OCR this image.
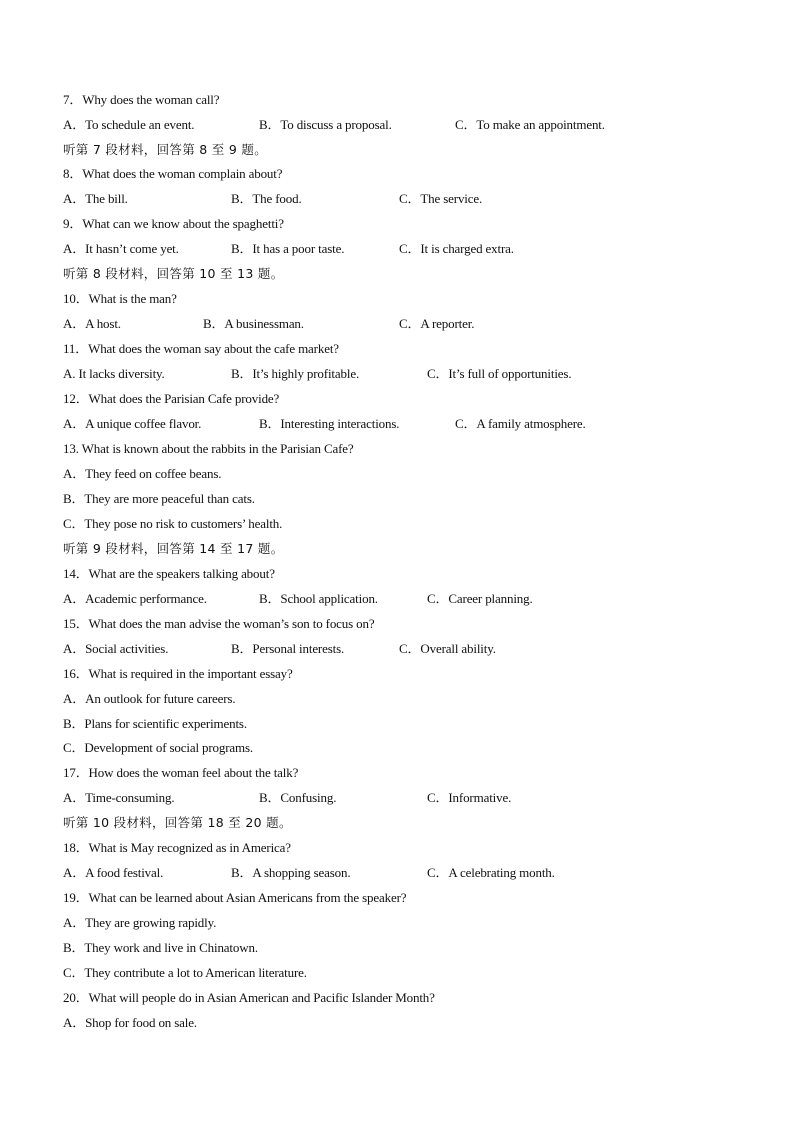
7．Why does the woman call?
A．To schedule an event.	B．To discuss a proposal.	C．To make an appointment.
听第 7 段材料，回答第 8 至 9 题。
8．What does the woman complain about?
A．The bill.	B．The food.	C．The service.
9．What can we know about the spaghetti?
A．It hasn’t come yet.	B．It has a poor taste.	C．It is charged extra.
听第 8 段材料，回答第 10 至 13 题。
10．What is the man?
A．A host.	B．A businessman.	C．A reporter.
11．What does the woman say about the cafe market?
A. It lacks diversity.	B．It’s highly profitable.	C．It’s full of opportunities.
12．What does the Parisian Cafe provide?
A．A unique coffee flavor.	B．Interesting interactions.	C．A family atmosphere.
13. What is known about the rabbits in the Parisian Cafe?
A．They feed on coffee beans.
B．They are more peaceful than cats.
C．They pose no risk to customers’ health.
听第 9 段材料，回答第 14 至 17 题。
14．What are the speakers talking about?
A．Academic performance.	B．School application.	C．Career planning.
15．What does the man advise the woman’s son to focus on?
A．Social activities.	B．Personal interests.	C．Overall ability.
16．What is required in the important essay?
A．An outlook for future careers.
B．Plans for scientific experiments.
C．Development of social programs.
17．How does the woman feel about the talk?
A．Time-consuming.	B．Confusing.	C．Informative.
听第 10 段材料，回答第 18 至 20 题。
18．What is May recognized as in America?
A．A food festival.	B．A shopping season.	C．A celebrating month.
19．What can be learned about Asian Americans from the speaker?
A．They are growing rapidly.
B．They work and live in Chinatown.
C．They contribute a lot to American literature.
20．What will people do in Asian American and Pacific Islander Month?
A．Shop for food on sale.
